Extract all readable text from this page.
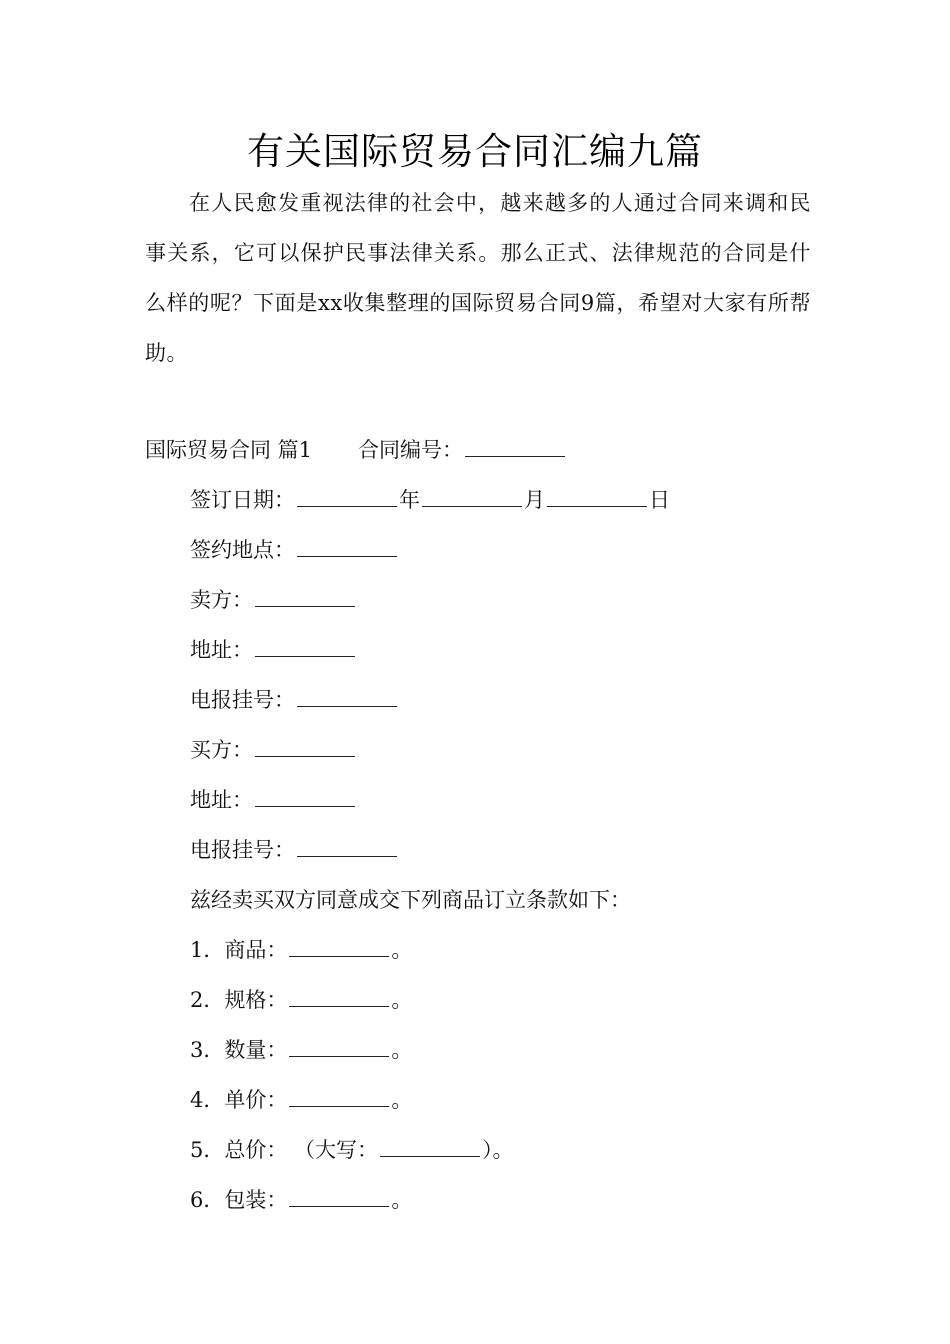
有关国际贸易合同汇编九篇
在人民愈发重视法律的社会中，越来越多的人通过合同来调和民事关系，它可以保护民事法律关系。那么正式、法律规范的合同是什么样的呢？下面是xx收集整理的国际贸易合同9篇，希望对大家有所帮助。
国际贸易合同 篇1 合同编号：
签订日期：	年	月	日
签约地点：
卖方：
地址：
电报挂号：
买方：
地址：
电报挂号：
兹经卖买双方同意成交下列商品订立条款如下：
1．商品：	。
2．规格：	。
3．数量：	。
4．单价：	。
5．总价： （大写：	）。
6．包装：	。
